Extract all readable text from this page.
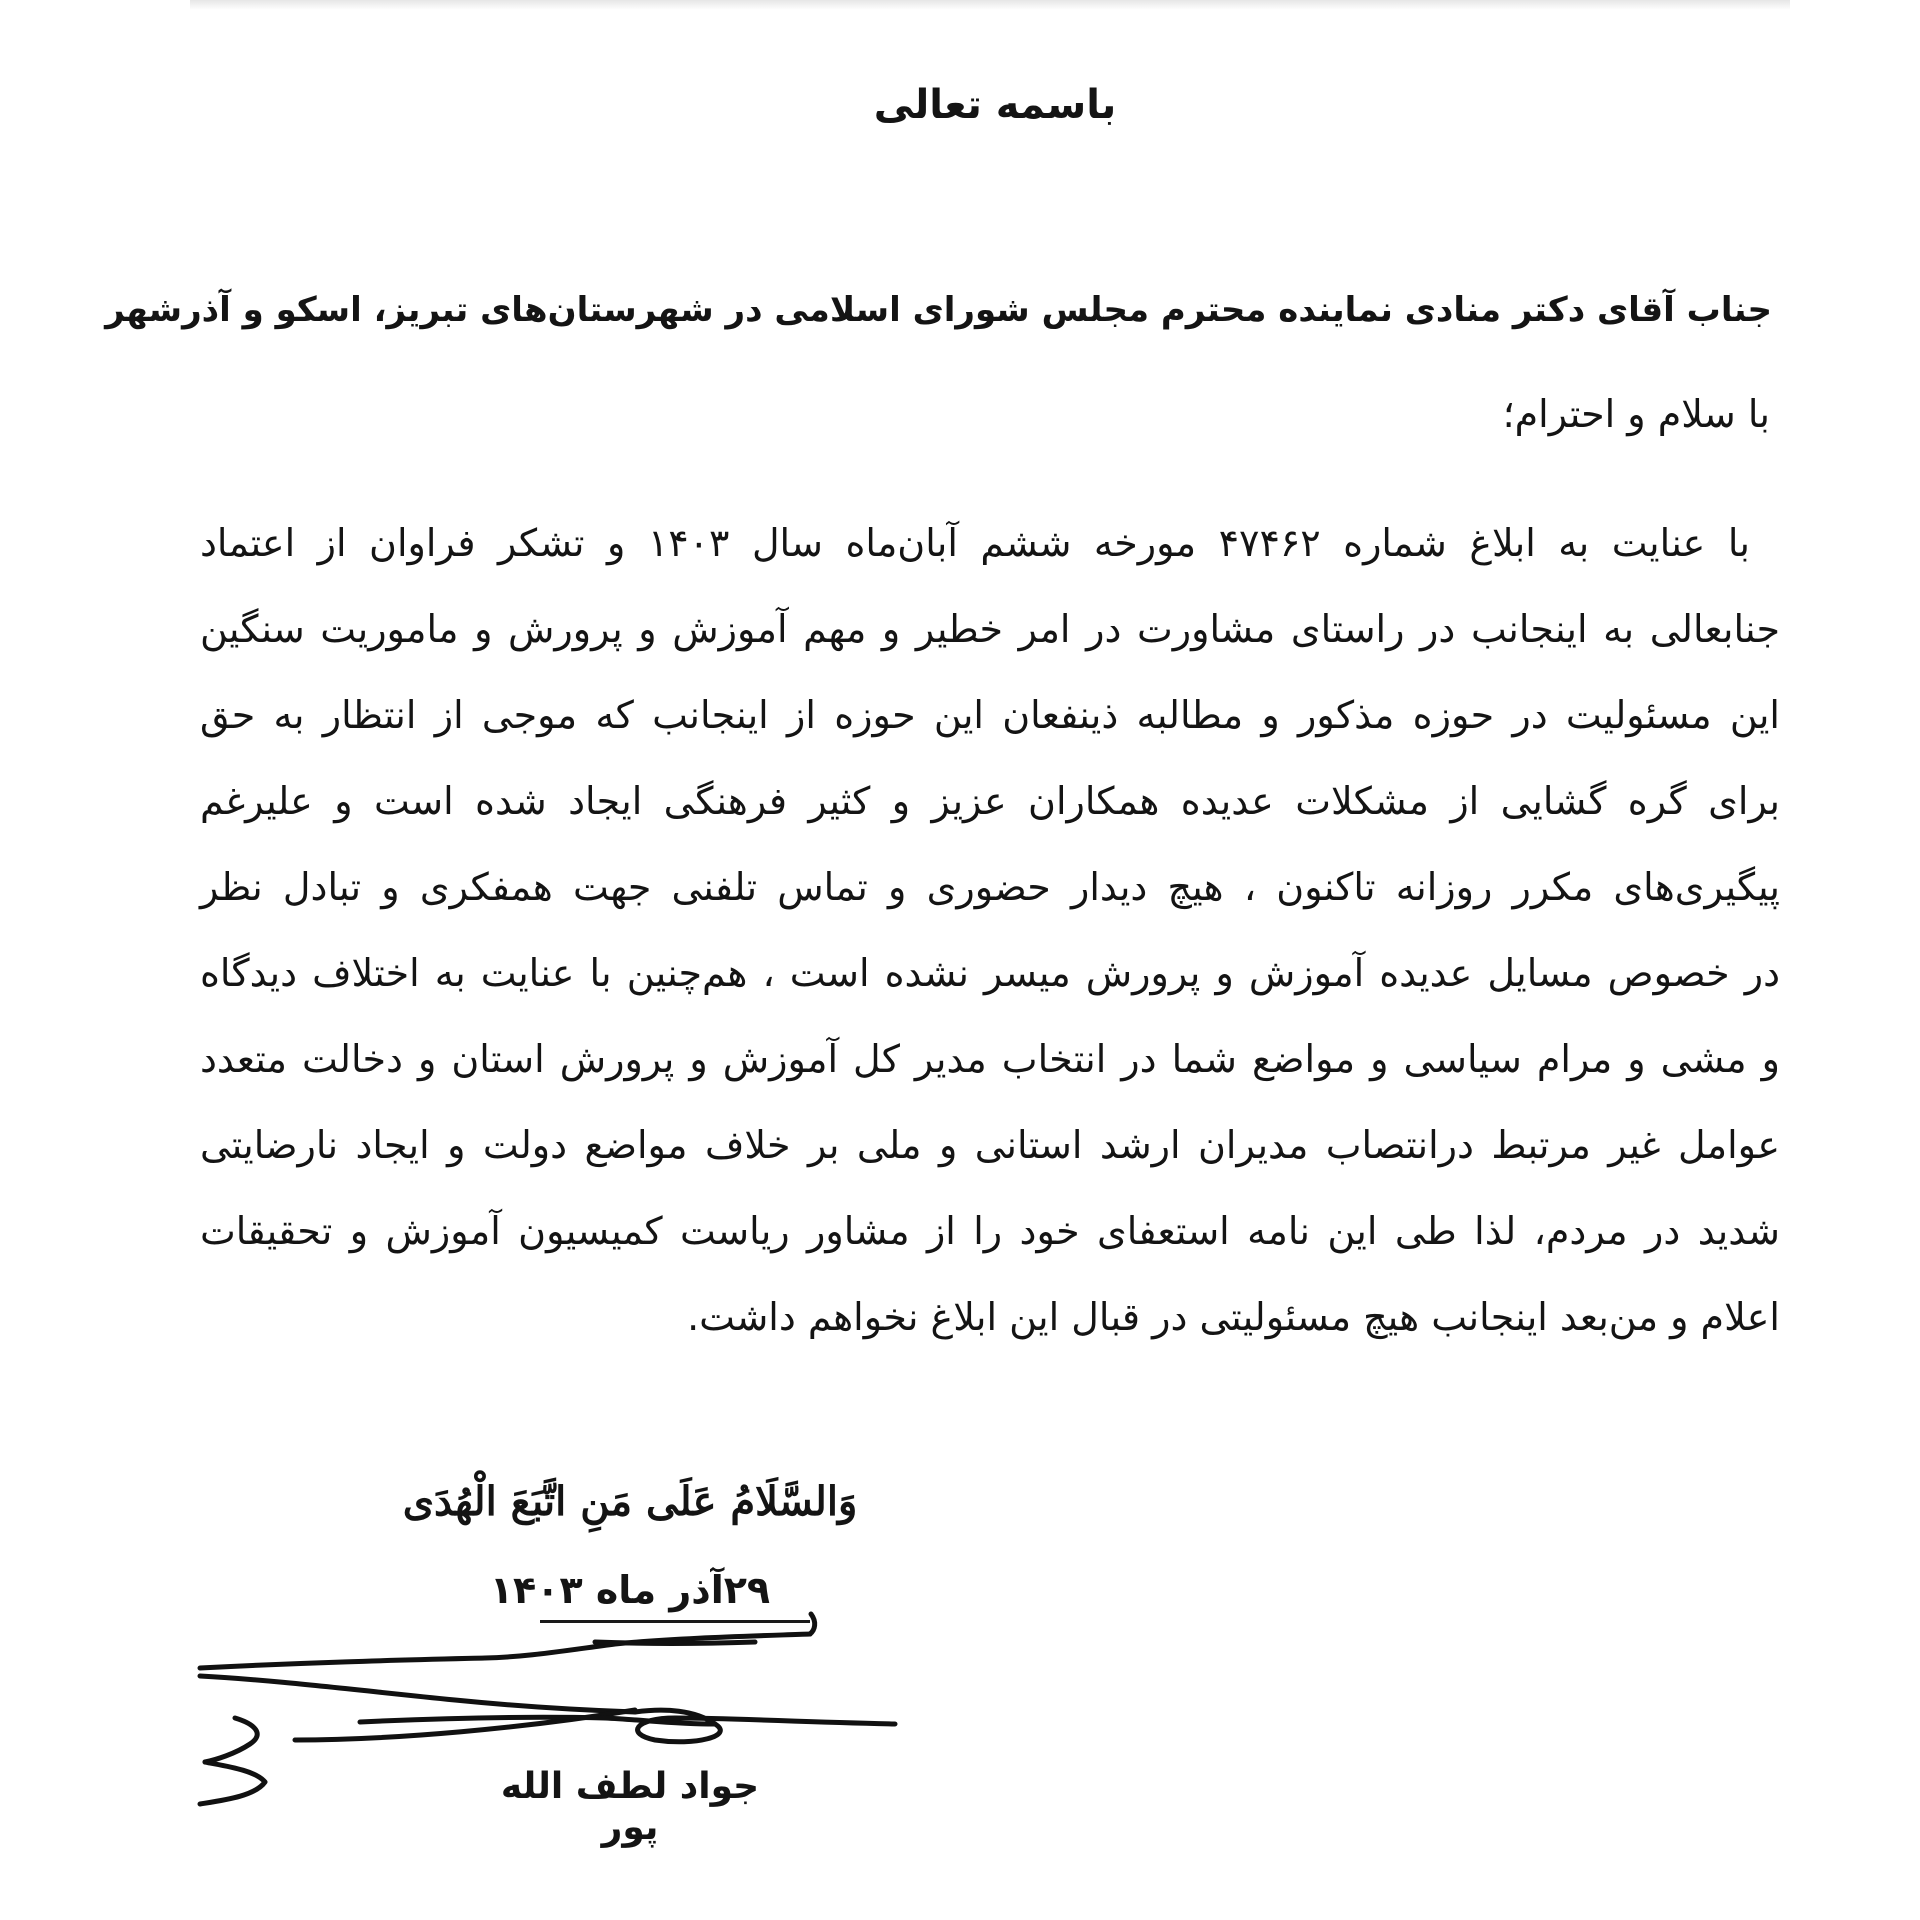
باسمه تعالی
جناب آقای دکتر منادی نماینده محترم مجلس شورای اسلامی در شهرستان‌های تبریز، اسکو و آذرشهر
با سلام و احترام؛
با عنایت به ابلاغ شماره ۴۷۴۶۲ مورخه ششم آبان‌ماه سال ۱۴۰۳ و تشکر فراوان از اعتماد
جنابعالی به اینجانب در راستای مشاورت در امر خطیر و مهم آموزش و پرورش و ماموریت سنگین
این مسئولیت در حوزه مذکور و مطالبه ذینفعان این حوزه از اینجانب که موجی از انتظار به حق
برای گره گشایی از مشکلات عدیده همکاران عزیز و کثیر فرهنگی ایجاد شده است و علیرغم
پیگیری‌های مکرر روزانه تاکنون ، هیچ دیدار حضوری و تماس تلفنی جهت همفکری و تبادل نظر
در خصوص مسایل عدیده آموزش و پرورش میسر نشده است ، هم‌چنین با عنایت به اختلاف دیدگاه
و مشی و مرام سیاسی و مواضع شما در انتخاب مدیر کل آموزش و پرورش استان و دخالت متعدد
عوامل غیر مرتبط درانتصاب مدیران ارشد استانی و ملی بر خلاف مواضع دولت و ایجاد نارضایتی
شدید در مردم، لذا طی این نامه استعفای خود را از مشاور ریاست کمیسیون آموزش و تحقیقات
اعلام و من‌بعد اینجانب هیچ مسئولیتی در قبال این ابلاغ نخواهم داشت.
وَالسَّلَامُ عَلَی مَنِ اتَّبَعَ الْهُدَی
۲۹آذر ماه ۱۴۰۳
جواد لطف الله پور
